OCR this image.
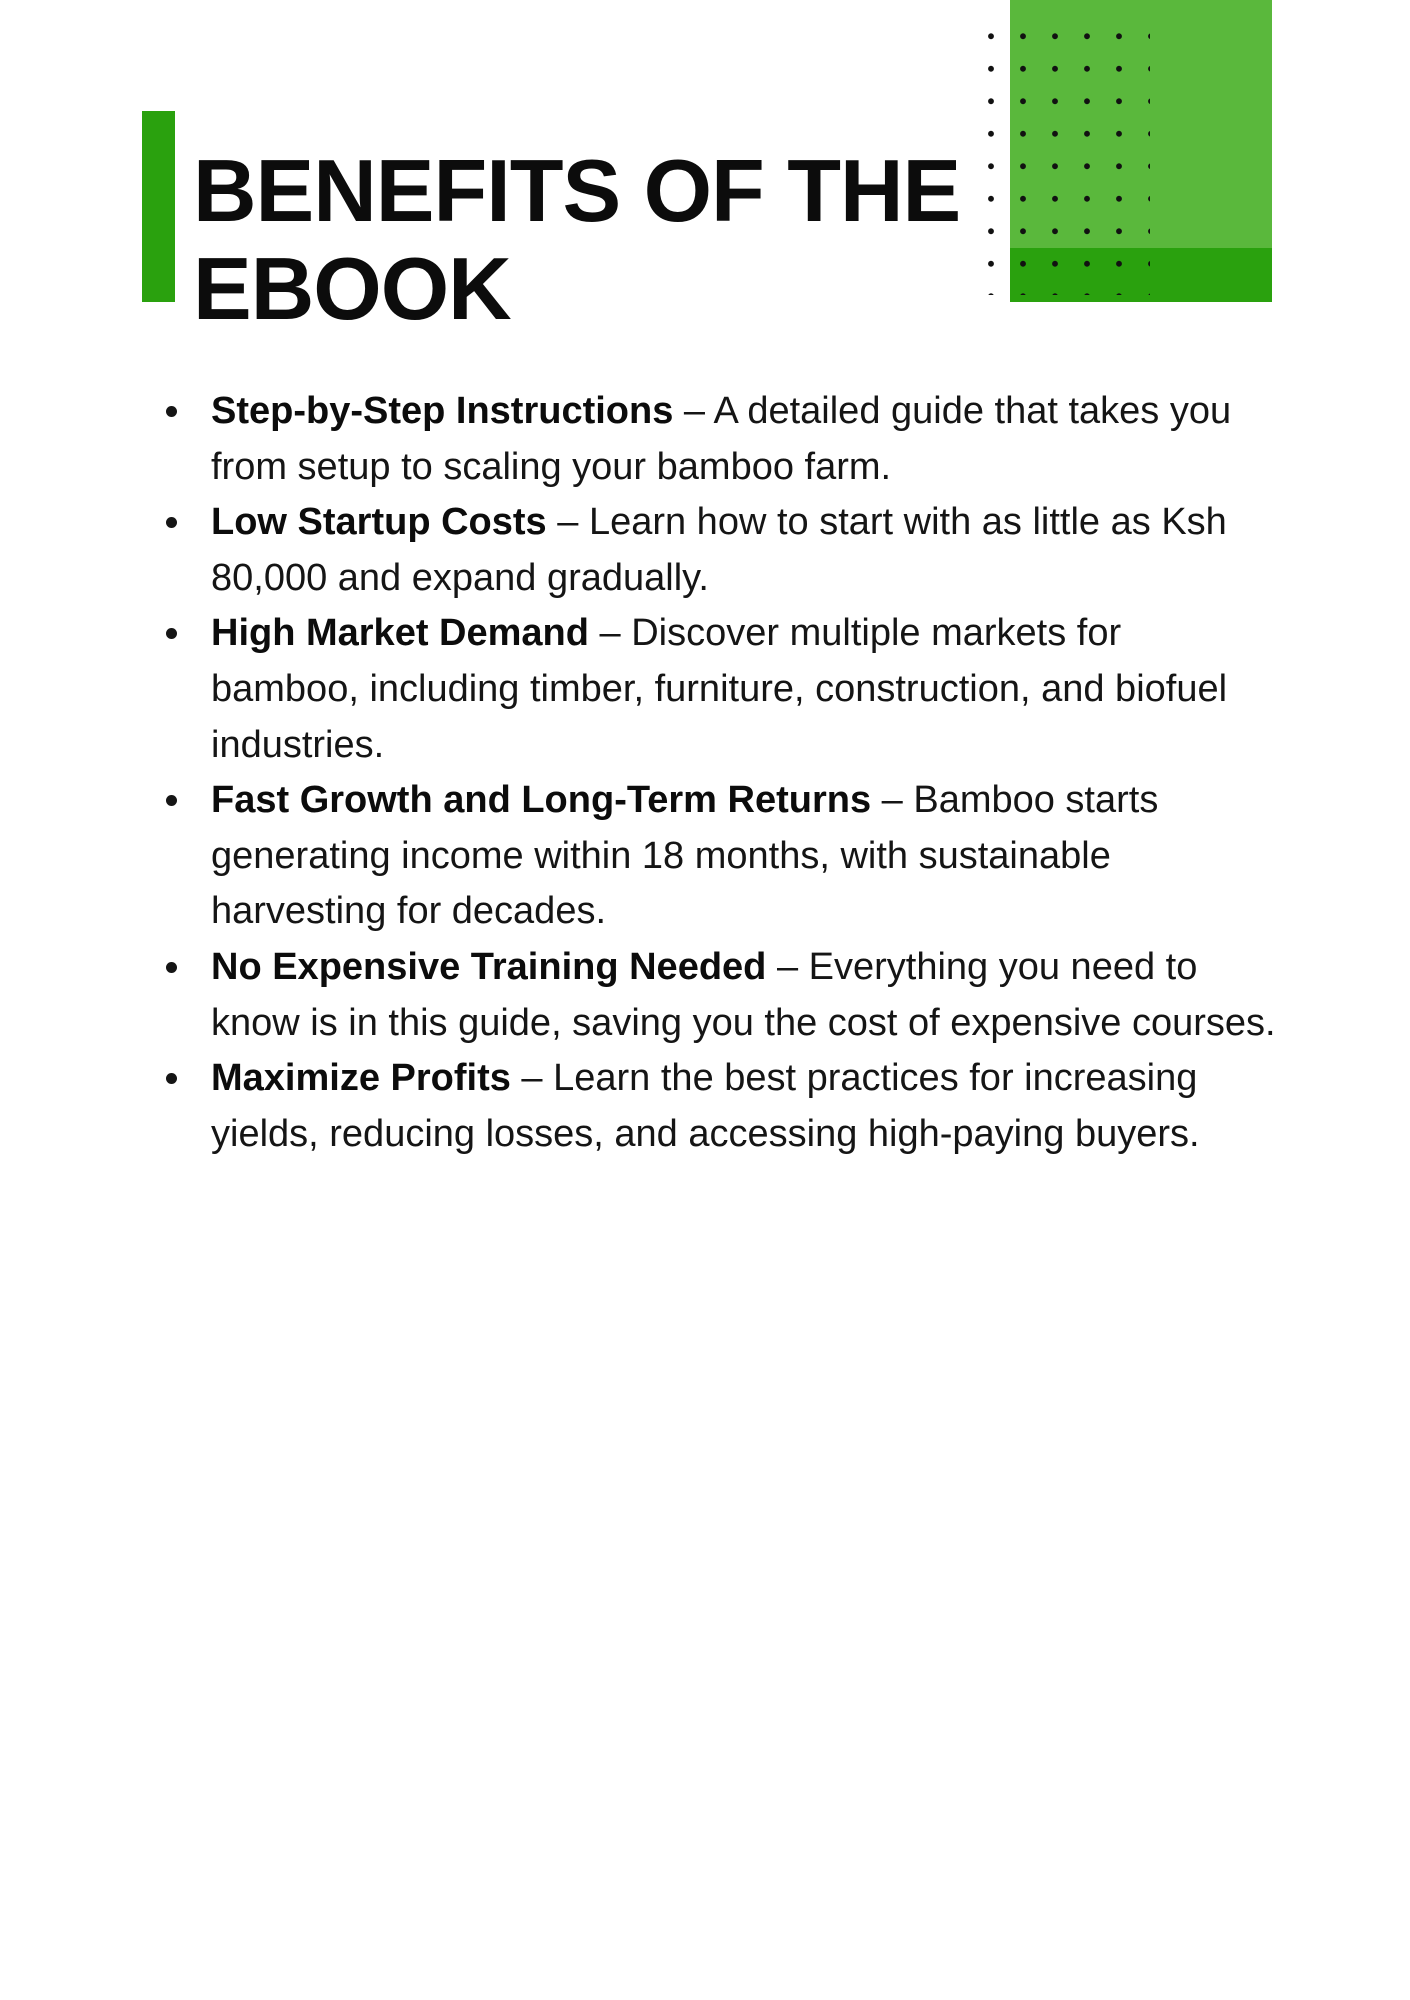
BENEFITS OF THE EBOOK
Step-by-Step Instructions – A detailed guide that takes you from setup to scaling your bamboo farm.
Low Startup Costs – Learn how to start with as little as Ksh 80,000 and expand gradually.
High Market Demand – Discover multiple markets for bamboo, including timber, furniture, construction, and biofuel industries.
Fast Growth and Long-Term Returns – Bamboo starts generating income within 18 months, with sustainable harvesting for decades.
No Expensive Training Needed – Everything you need to know is in this guide, saving you the cost of expensive courses.
Maximize Profits – Learn the best practices for increasing yields, reducing losses, and accessing high-paying buyers.
